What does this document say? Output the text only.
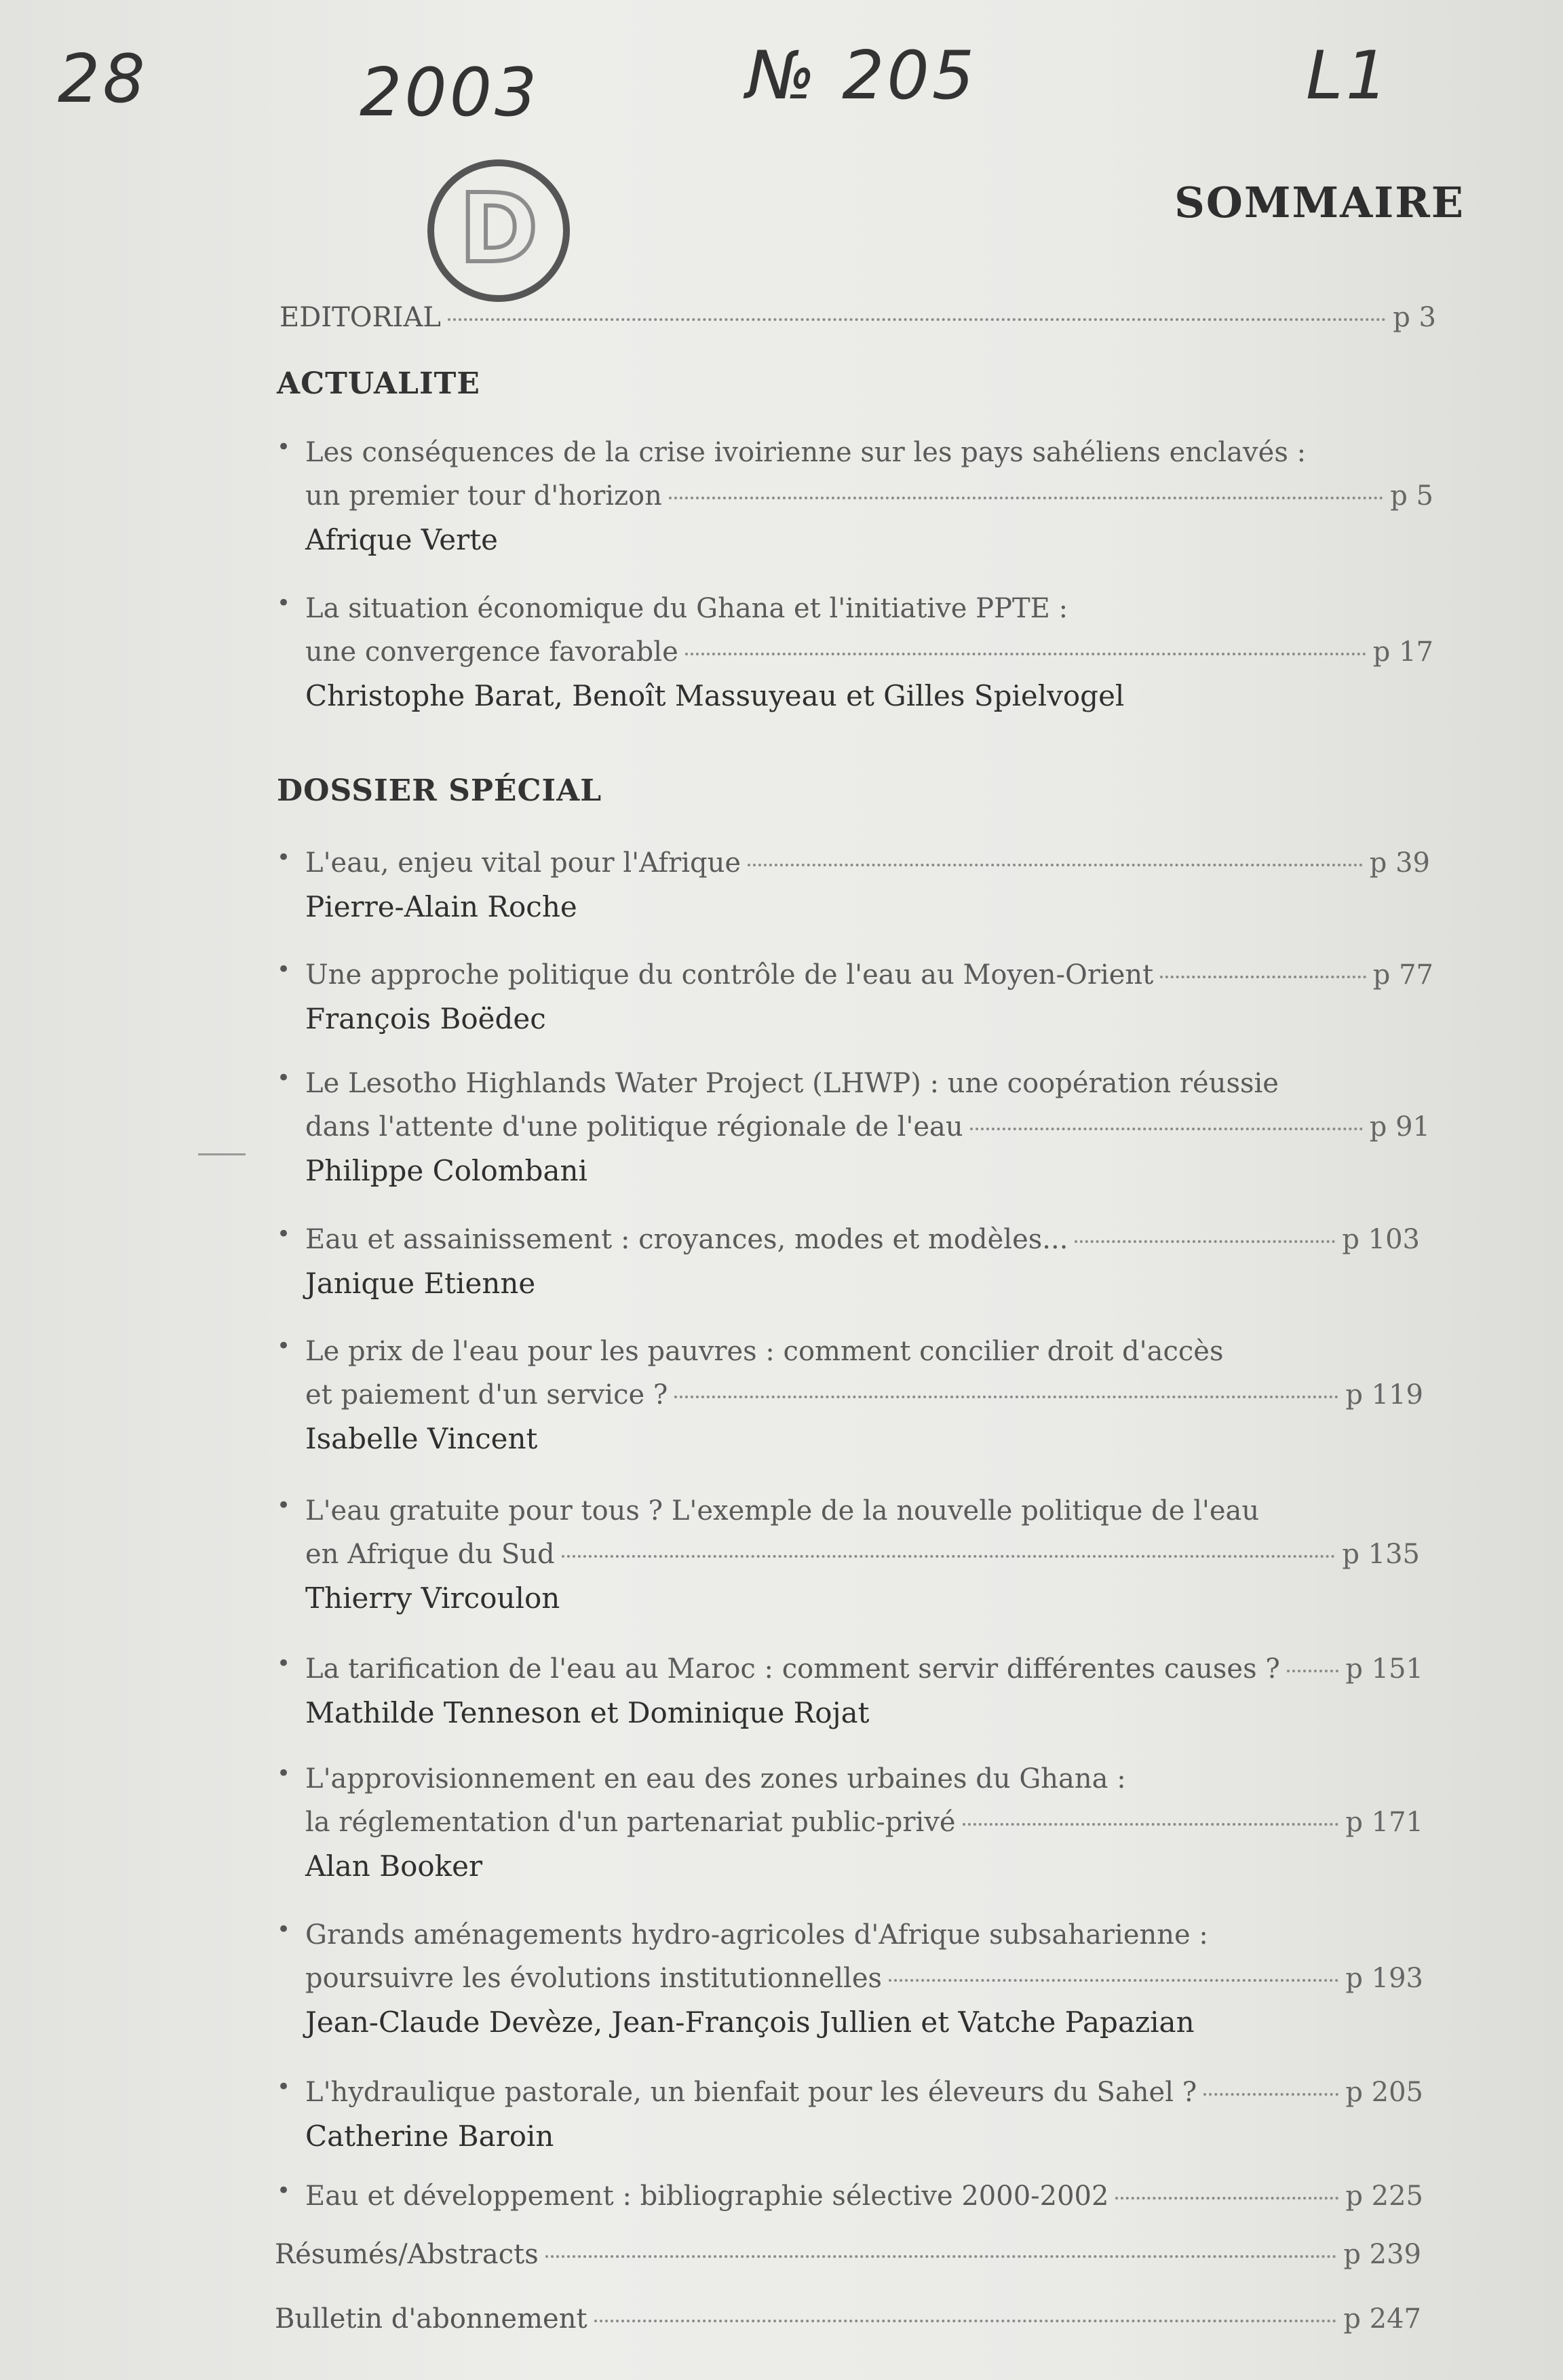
28	2003	№ 205	L1
D	SOMMAIRE
EDITORIAL	p 3
ACTUALITE
• Les conséquences de la crise ivoirienne sur les pays sahéliens enclavés :
un premier tour d'horizon	p 5
Afrique Verte
• La situation économique du Ghana et l'initiative PPTE :
une convergence favorable	p 17
Christophe Barat, Benoît Massuyeau et Gilles Spielvogel
DOSSIER SPÉCIAL
• L'eau, enjeu vital pour l'Afrique	p 39
Pierre-Alain Roche
• Une approche politique du contrôle de l'eau au Moyen-Orient	p 77
François Boëdec
• Le Lesotho Highlands Water Project (LHWP) : une coopération réussie
dans l'attente d'une politique régionale de l'eau	p 91
Philippe Colombani
• Eau et assainissement : croyances, modes et modèles...	p 103
Janique Etienne
• Le prix de l'eau pour les pauvres : comment concilier droit d'accès
et paiement d'un service ?	p 119
Isabelle Vincent
• L'eau gratuite pour tous ? L'exemple de la nouvelle politique de l'eau
en Afrique du Sud	p 135
Thierry Vircoulon
• La tarification de l'eau au Maroc : comment servir différentes causes ? p 151
Mathilde Tenneson et Dominique Rojat
• L'approvisionnement en eau des zones urbaines du Ghana :
la réglementation d'un partenariat public-privé	p 171
Alan Booker
• Grands aménagements hydro-agricoles d'Afrique subsaharienne :
poursuivre les évolutions institutionnelles	p 193
Jean-Claude Devèze, Jean-François Jullien et Vatche Papazian
• L'hydraulique pastorale, un bienfait pour les éleveurs du Sahel ?	p 205
Catherine Baroin
• Eau et développement : bibliographie sélective 2000-2002	p 225
Résumés/Abstracts	p 239
Bulletin d'abonnement	p 247
